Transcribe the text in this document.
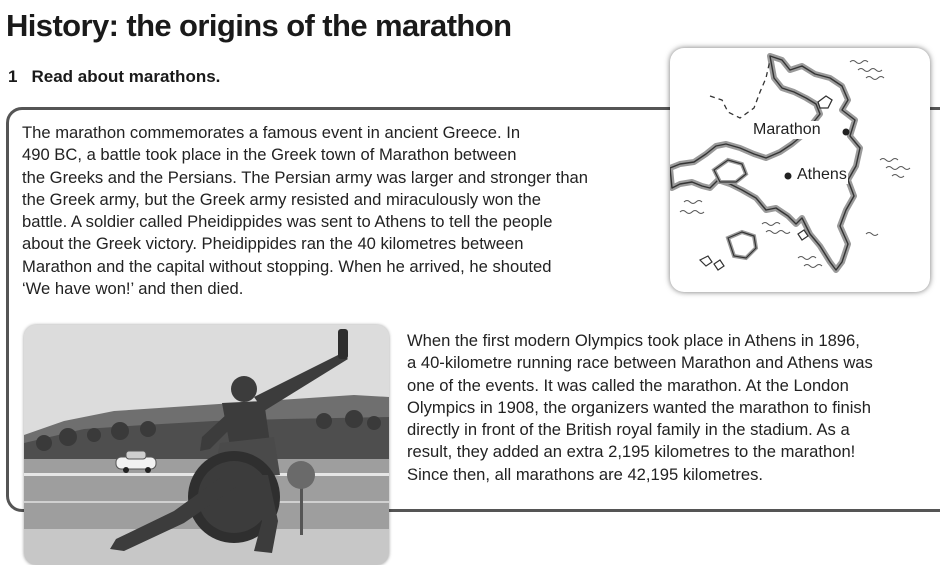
History: the origins of the marathon
1 Read about marathons.

The marathon commemorates a famous event in ancient Greece. In
490 BC, a battle took place in the Greek town of Marathon between
the Greeks and the Persians. The Persian army was larger and stronger than
the Greek army, but the Greek army resisted and miraculously won the
battle. A soldier called Pheidippides was sent to Athens to tell the people
about the Greek victory. Pheidippides ran the 40 kilometres between
Marathon and the capital without stopping. When he arrived, he shouted
‘We have won!’ and then died.

Marathon
Athens

When the first modern Olympics took place in Athens in 1896,
a 40-kilometre running race between Marathon and Athens was
one of the events. It was called the marathon. At the London
Olympics in 1908, the organizers wanted the marathon to finish
directly in front of the British royal family in the stadium. As a
result, they added an extra 2,195 kilometres to the marathon!
Since then, all marathons are 42,195 kilometres.
